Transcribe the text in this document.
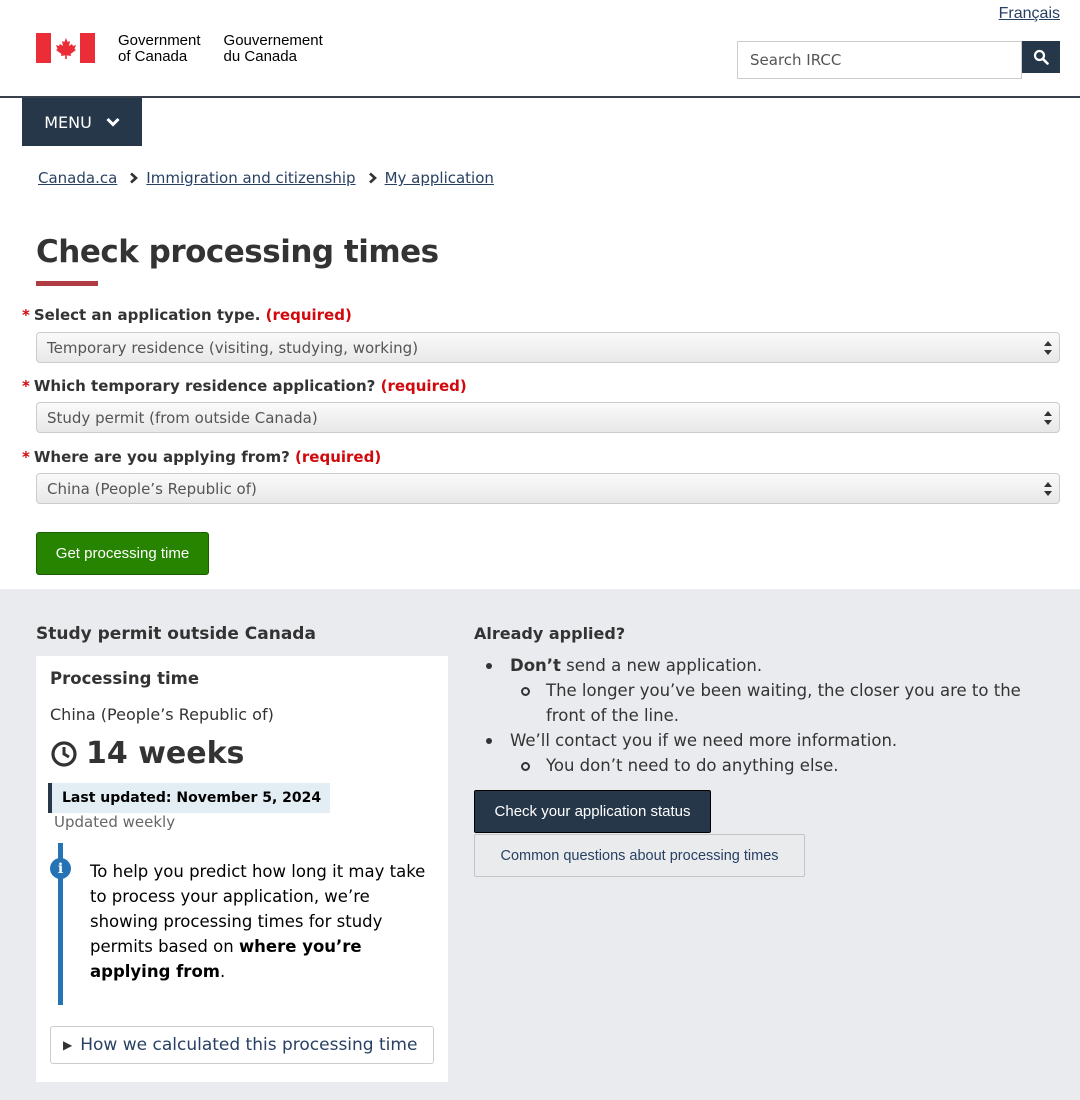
Français
Government
of Canada
Gouvernement
du Canada	Search IRCC
MENU
Canada.ca Immigration and citizenship My application
Check processing times
* Select an application type. (required)
Temporary residence (visiting, studying, working)
* Which temporary residence application? (required)
Study permit (from outside Canada)
* Where are you applying from? (required)
China (People’s Republic of)
Get processing time
Study permit outside Canada
Processing time
China (People’s Republic of)
14 weeks
Last updated: November 5, 2024
Updated weekly
i	To help you predict how long it may take to process your application, we’re showing processing times for study permits based on where you’re applying from.

▶ How we calculated this processing time
Already applied?
Don’t send a new application.
The longer you’ve been waiting, the closer you are to the front of the line.
We’ll contact you if we need more information.
You don’t need to do anything else.
Check your application status
Common questions about processing times
